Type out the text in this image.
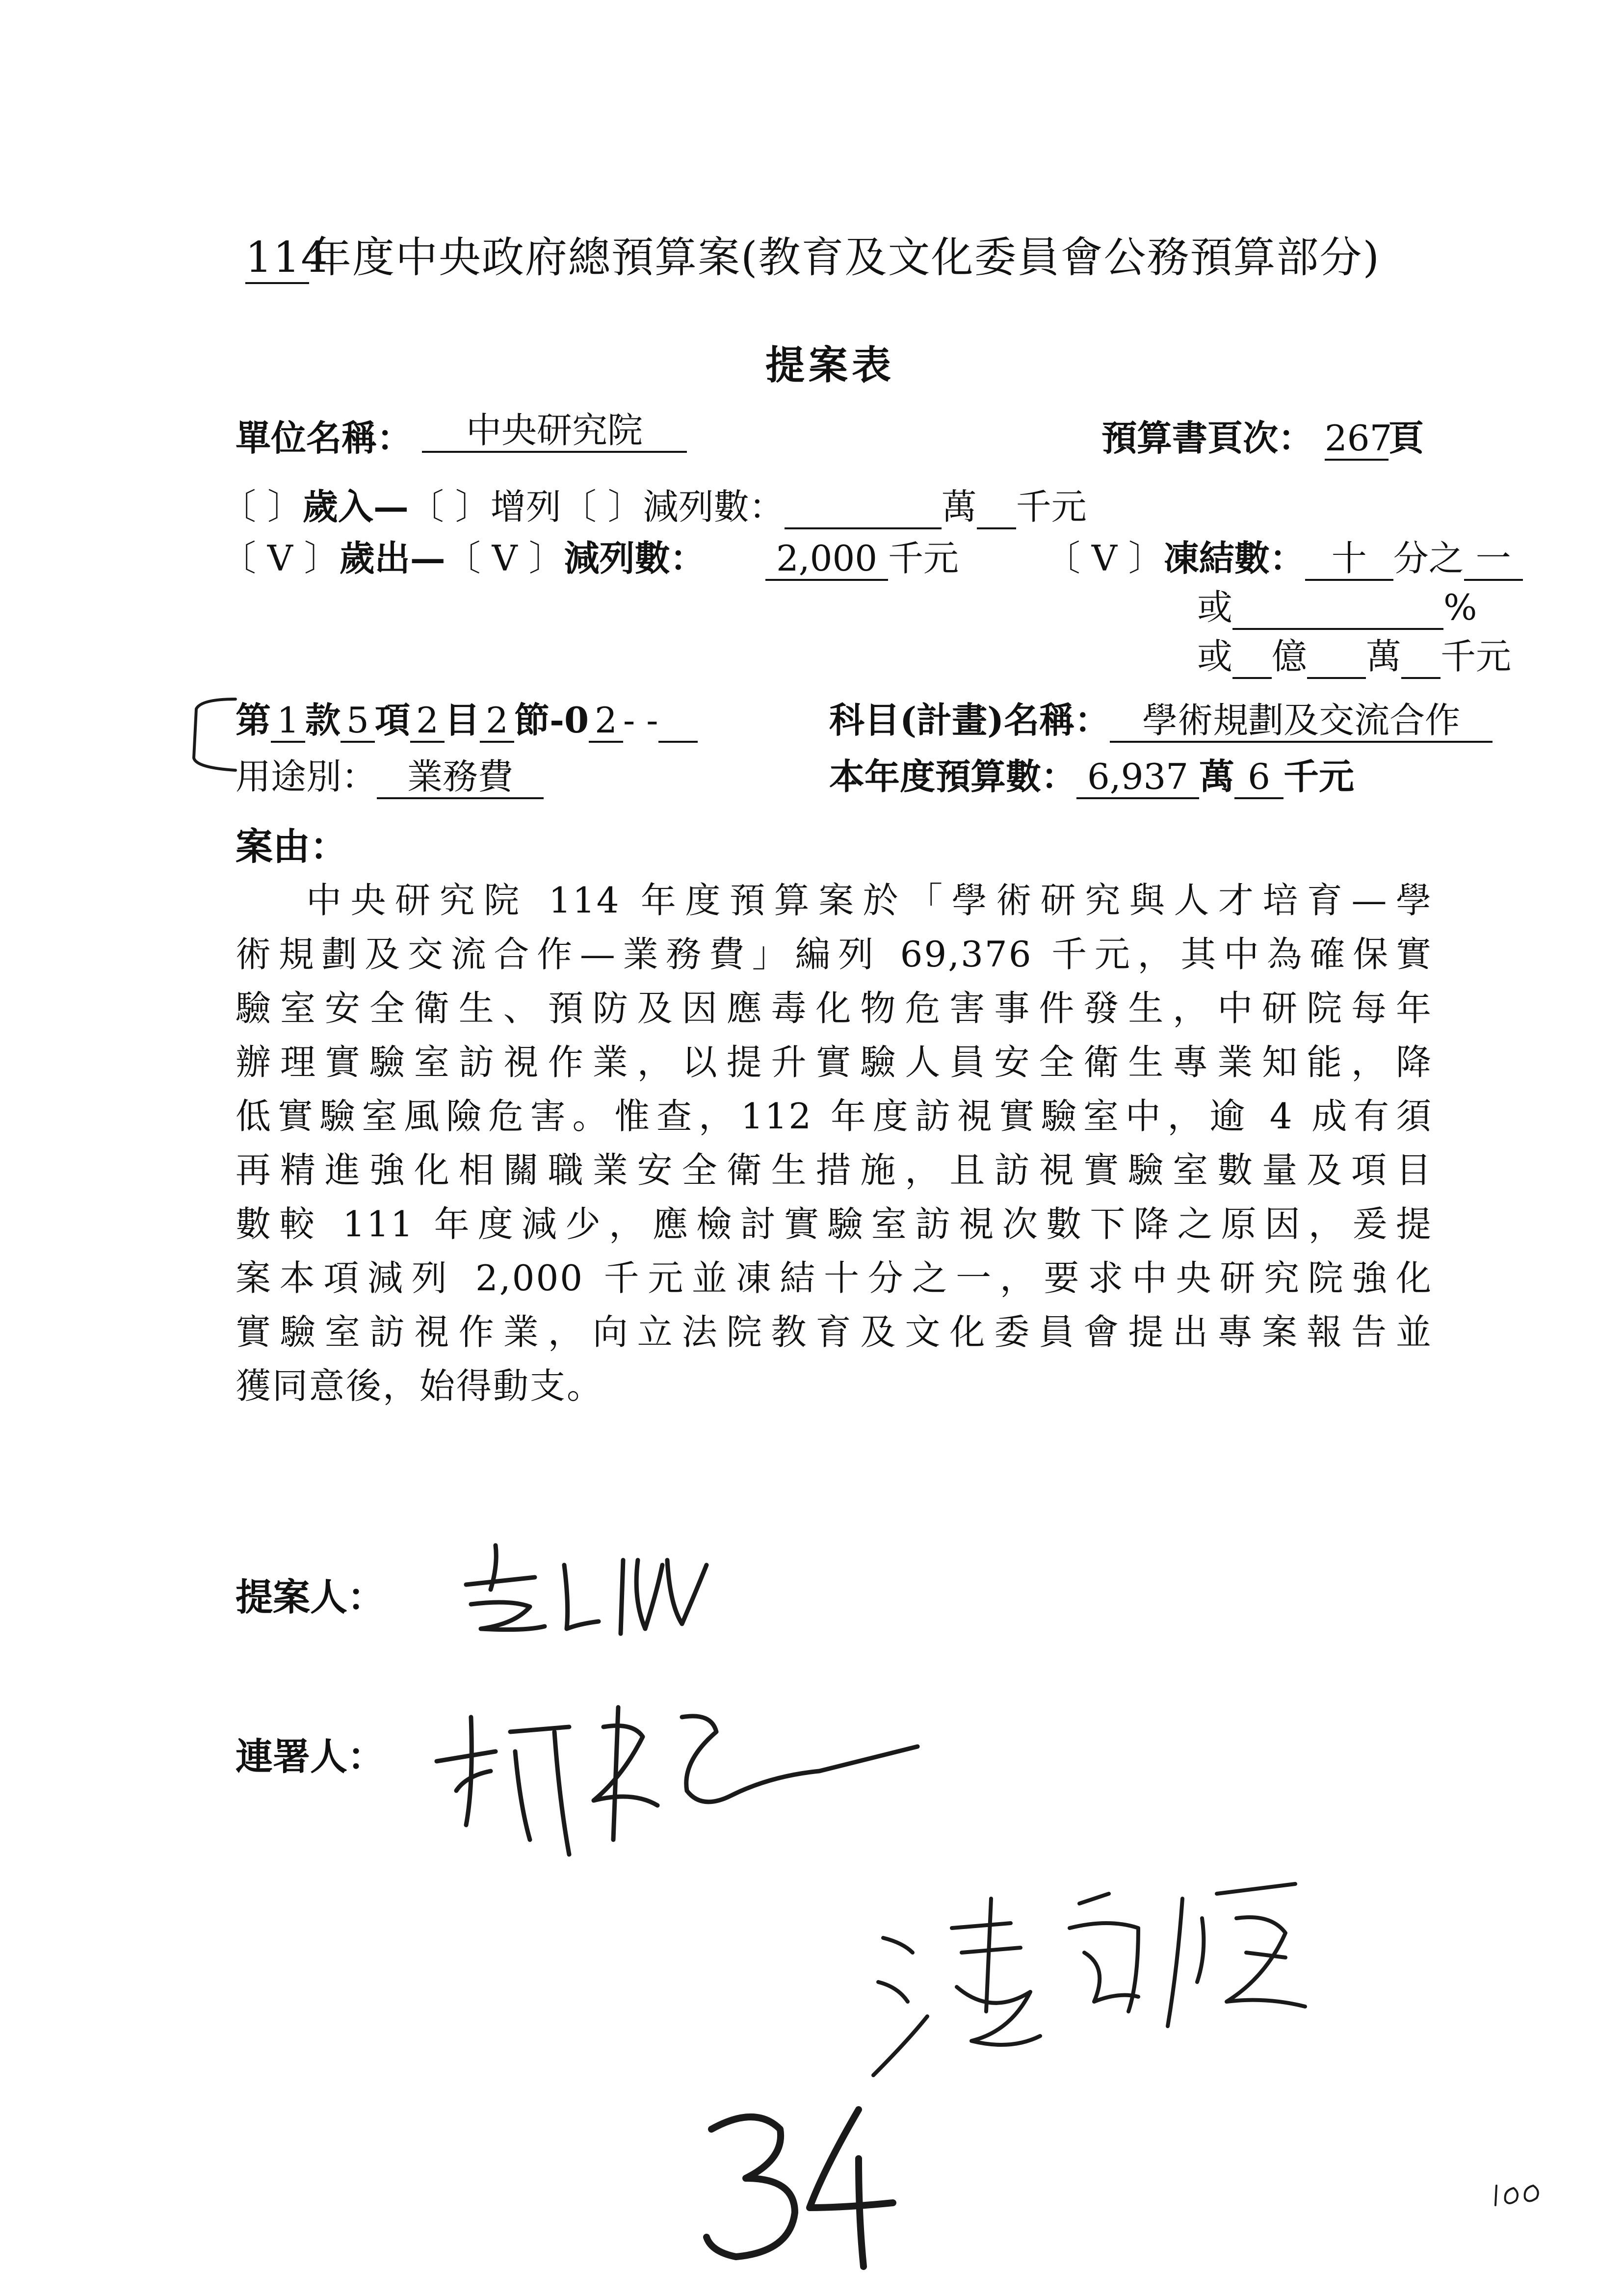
114年度中央政府總預算案(教育及文化委員會公務預算部分)
提案表
單位名稱：	中央研究院	預算書頁次： 267頁
〔 〕歲入—〔 〕增列〔 〕減列數：	萬 千元
〔 V 〕歲出—〔 V 〕減列數：	2,000 千元 〔 V 〕凍結數： 十 分之 一
或	%
或 億 萬 千元
第 1 款 5 項 2 目 2 節-0 2 - -	科目(計畫)名稱： 學術規劃及交流合作
用途別： 業務費	本年度預算數： 6,937 萬 6 千元
案由：

中央研究院 114 年度預算案於「學術研究與人才培育—學

術規劃及交流合作—業務費」編列 69,376 千元，其中為確保實

驗室安全衛生、預防及因應毒化物危害事件發生，中研院每年

辦理實驗室訪視作業，以提升實驗人員安全衛生專業知能，降

低實驗室風險危害。惟查，112 年度訪視實驗室中，逾 4 成有須

再精進強化相關職業安全衛生措施，且訪視實驗室數量及項目

數較 111 年度減少，應檢討實驗室訪視次數下降之原因，爰提

案本項減列 2,000 千元並凍結十分之一，要求中央研究院強化

實驗室訪視作業，向立法院教育及文化委員會提出專案報告並

獲同意後，始得動支。

提案人：
連署人：
